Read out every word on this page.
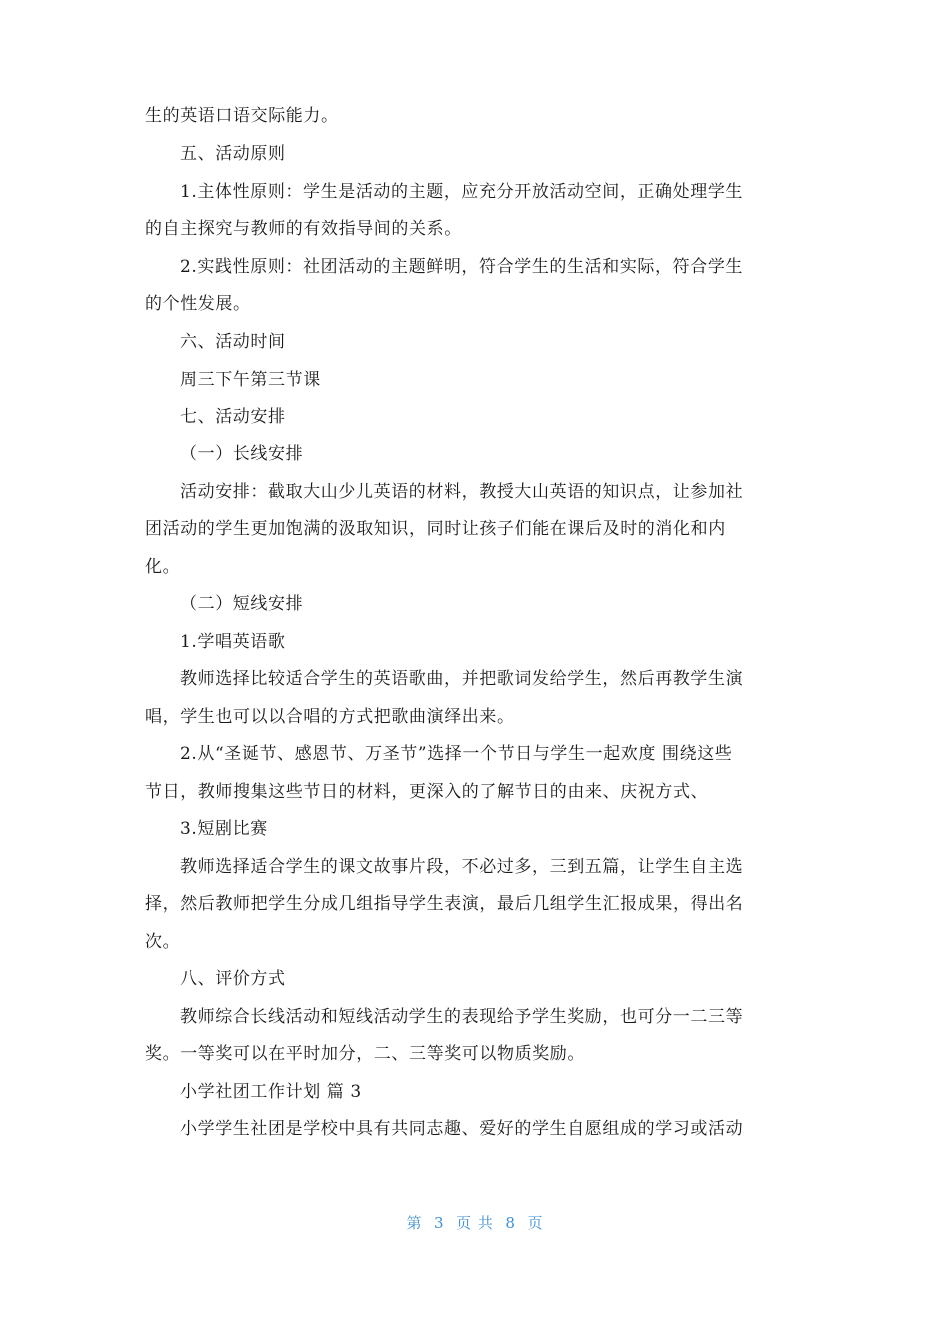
生的英语口语交际能力。
五、活动原则
1.主体性原则：学生是活动的主题，应充分开放活动空间，正确处理学生
的自主探究与教师的有效指导间的关系。
2.实践性原则：社团活动的主题鲜明，符合学生的生活和实际，符合学生
的个性发展。
六、活动时间
周三下午第三节课
七、活动安排
（一）长线安排
活动安排：截取大山少儿英语的材料，教授大山英语的知识点，让参加社
团活动的学生更加饱满的汲取知识，同时让孩子们能在课后及时的消化和内
化。
（二）短线安排
1.学唱英语歌
教师选择比较适合学生的英语歌曲，并把歌词发给学生，然后再教学生演
唱，学生也可以以合唱的方式把歌曲演绎出来。
2.从“圣诞节、感恩节、万圣节”选择一个节日与学生一起欢度 围绕这些
节日，教师搜集这些节日的材料，更深入的了解节日的由来、庆祝方式、
3.短剧比赛
教师选择适合学生的课文故事片段，不必过多，三到五篇，让学生自主选
择，然后教师把学生分成几组指导学生表演，最后几组学生汇报成果，得出名
次。
八、评价方式
教师综合长线活动和短线活动学生的表现给予学生奖励，也可分一二三等
奖。一等奖可以在平时加分，二、三等奖可以物质奖励。
小学社团工作计划 篇 3
小学学生社团是学校中具有共同志趣、爱好的学生自愿组成的学习或活动
第  3  页 共  8  页
